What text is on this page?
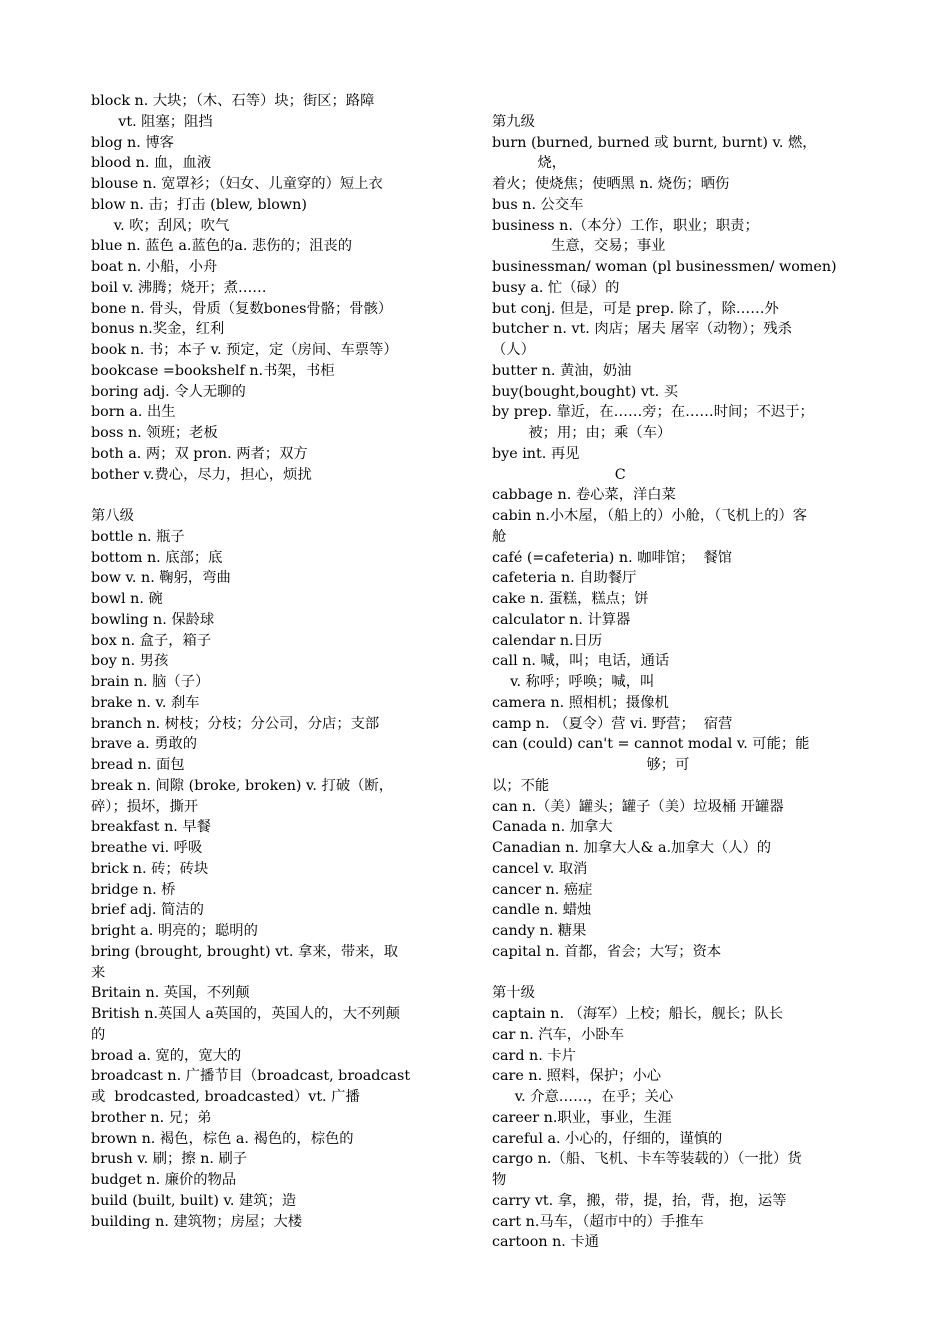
block n. 大块；（木、石等）块；街区；路障
vt. 阻塞；阻挡
blog n. 博客
blood n. 血，血液
blouse n. 宽罩衫；（妇女、儿童穿的）短上衣
blow n. 击；打击 (blew, blown)
v. 吹；刮风；吹气
blue n. 蓝色 a.蓝色的a. 悲伤的；沮丧的
boat n. 小船，小舟
boil v. 沸腾；烧开；煮……
bone n. 骨头，骨质（复数bones骨骼；骨骸）
bonus n.奖金，红利
book n. 书；本子 v. 预定，定（房间、车票等）
bookcase =bookshelf n.书架，书柜
boring adj. 令人无聊的
born a. 出生
boss n. 领班；老板
both a. 两；双 pron. 两者；双方
bother v.费心，尽力，担心，烦扰
第八级
bottle n. 瓶子
bottom n. 底部；底
bow v. n. 鞠躬，弯曲
bowl n. 碗
bowling n. 保龄球
box n. 盒子，箱子
boy n. 男孩
brain n. 脑（子）
brake n. v. 刹车
branch n. 树枝；分枝；分公司，分店；支部
brave a. 勇敢的
bread n. 面包
break n. 间隙 (broke, broken) v. 打破（断，
碎）；损坏，撕开
breakfast n. 早餐
breathe vi. 呼吸
brick n. 砖；砖块
bridge n. 桥
brief adj. 简洁的
bright a. 明亮的；聪明的
bring (brought, brought) vt. 拿来，带来，取
来
Britain n. 英国，不列颠
British n.英国人 a英国的，英国人的，大不列颠
的
broad a. 宽的，宽大的
broadcast n. 广播节目（broadcast, broadcast
或  brodcasted, broadcasted）vt. 广播
brother n. 兄；弟
brown n. 褐色，棕色 a. 褐色的，棕色的
brush v. 刷；擦 n. 刷子
budget n. 廉价的物品
build (built, built) v. 建筑；造
building n. 建筑物；房屋；大楼
第九级
burn (burned, burned 或 burnt, burnt) v. 燃，
烧，
着火；使烧焦；使晒黑 n. 烧伤；晒伤
bus n. 公交车
business n.（本分）工作，职业；职责；
生意，交易；事业
businessman/ woman (pl businessmen/ women)
busy a. 忙（碌）的
but conj. 但是，可是 prep. 除了，除……外
butcher n. vt. 肉店；屠夫 屠宰（动物）；残杀
（人）
butter n. 黄油，奶油
buy(bought,bought) vt. 买
by prep. 靠近，在……旁；在……时间；不迟于；
被；用；由；乘（车）
bye int. 再见
C
cabbage n. 卷心菜，洋白菜
cabin n.小木屋，（船上的）小舱，（飞机上的）客
舱
café (=cafeteria) n. 咖啡馆；  餐馆
cafeteria n. 自助餐厅
cake n. 蛋糕，糕点；饼
calculator n. 计算器
calendar n.日历
call n. 喊，叫；电话，通话
v. 称呼；呼唤；喊，叫
camera n. 照相机；摄像机
camp n. （夏令）营 vi. 野营；  宿营
can (could) can't = cannot modal v. 可能；能
够；可
以；不能
can n.（美）罐头；罐子（美）垃圾桶 开罐器
Canada n. 加拿大
Canadian n. 加拿大人& a.加拿大（人）的
cancel v. 取消
cancer n. 癌症
candle n. 蜡烛
candy n. 糖果
capital n. 首都，省会；大写；资本
第十级
captain n. （海军）上校；船长，舰长；队长
car n. 汽车，小卧车
card n. 卡片
care n. 照料，保护；小心
v. 介意……，在乎；关心
career n.职业，事业，生涯
careful a. 小心的，仔细的，谨慎的
cargo n.（船、飞机、卡车等装载的）（一批）货
物
carry vt. 拿，搬，带，提，抬，背，抱，运等
cart n.马车，（超市中的）手推车
cartoon n. 卡通
